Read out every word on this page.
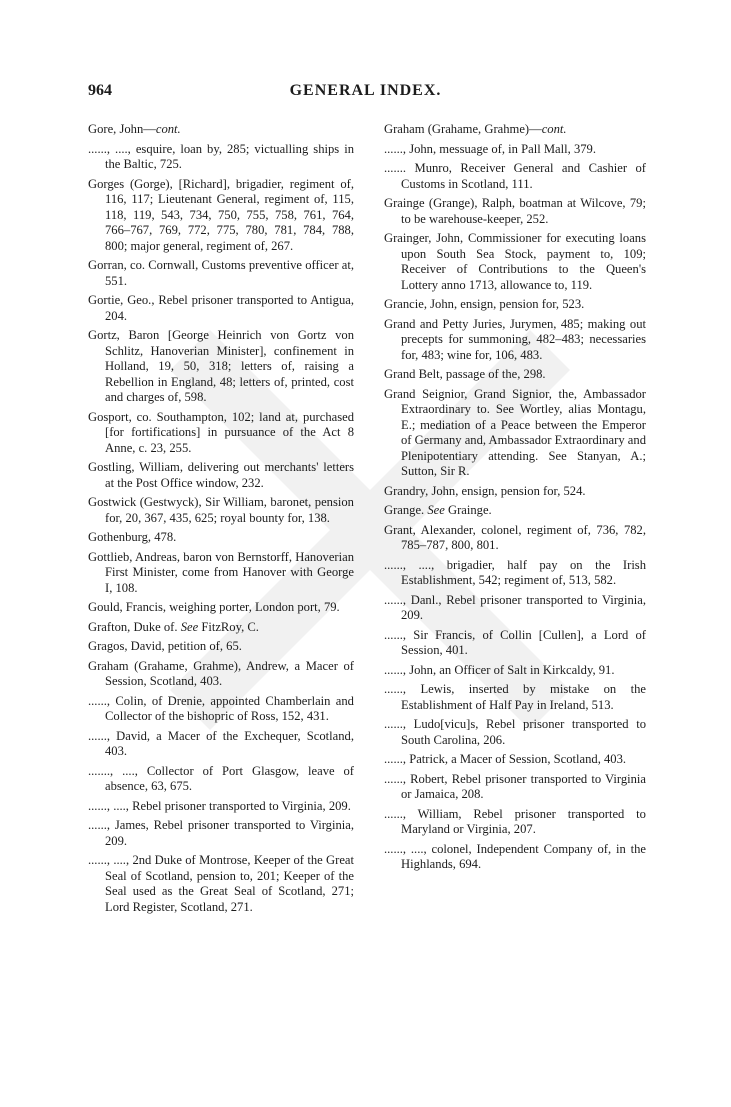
964	GENERAL INDEX.
Gore, John—cont.
......, ...., esquire, loan by, 285; victualling ships in the Baltic, 725.
Gorges (Gorge), [Richard], brigadier, regiment of, 116, 117; Lieutenant General, regiment of, 115, 118, 119, 543, 734, 750, 755, 758, 761, 764, 766–767, 769, 772, 775, 780, 781, 784, 788, 800; major general, regiment of, 267.
Gorran, co. Cornwall, Customs preventive officer at, 551.
Gortie, Geo., Rebel prisoner transported to Antigua, 204.
Gortz, Baron [George Heinrich von Gortz von Schlitz, Hanoverian Minister], confinement in Holland, 19, 50, 318; letters of, raising a Rebellion in England, 48; letters of, printed, cost and charges of, 598.
Gosport, co. Southampton, 102; land at, purchased [for fortifications] in pursuance of the Act 8 Anne, c. 23, 255.
Gostling, William, delivering out merchants' letters at the Post Office window, 232.
Gostwick (Gestwyck), Sir William, baronet, pension for, 20, 367, 435, 625; royal bounty for, 138.
Gothenburg, 478.
Gottlieb, Andreas, baron von Bernstorff, Hanoverian First Minister, come from Hanover with George I, 108.
Gould, Francis, weighing porter, London port, 79.
Grafton, Duke of. See FitzRoy, C.
Gragos, David, petition of, 65.
Graham (Grahame, Grahme), Andrew, a Macer of Session, Scotland, 403.
......, Colin, of Drenie, appointed Chamberlain and Collector of the bishopric of Ross, 152, 431.
......, David, a Macer of the Exchequer, Scotland, 403.
......., ...., Collector of Port Glasgow, leave of absence, 63, 675.
......, ...., Rebel prisoner transported to Virginia, 209.
......, James, Rebel prisoner transported to Virginia, 209.
......, ...., 2nd Duke of Montrose, Keeper of the Great Seal of Scotland, pension to, 201; Keeper of the Seal used as the Great Seal of Scotland, 271; Lord Register, Scotland, 271.
Graham (Grahame, Grahme)—cont.
......, John, messuage of, in Pall Mall, 379.
....... Munro, Receiver General and Cashier of Customs in Scotland, 111.
Grainge (Grange), Ralph, boatman at Wilcove, 79; to be warehouse-keeper, 252.
Grainger, John, Commissioner for executing loans upon South Sea Stock, payment to, 109; Receiver of Contributions to the Queen's Lottery anno 1713, allowance to, 119.
Grancie, John, ensign, pension for, 523.
Grand and Petty Juries, Jurymen, 485; making out precepts for summoning, 482–483; necessaries for, 483; wine for, 106, 483.
Grand Belt, passage of the, 298.
Grand Seignior, Grand Signior, the, Ambassador Extraordinary to. See Wortley, alias Montagu, E.; mediation of a Peace between the Emperor of Germany and, Ambassador Extraordinary and Plenipotentiary attending. See Stanyan, A.; Sutton, Sir R.
Grandry, John, ensign, pension for, 524.
Grange. See Grainge.
Grant, Alexander, colonel, regiment of, 736, 782, 785–787, 800, 801.
......, ...., brigadier, half pay on the Irish Establishment, 542; regiment of, 513, 582.
......, Danl., Rebel prisoner transported to Virginia, 209.
......, Sir Francis, of Collin [Cullen], a Lord of Session, 401.
......, John, an Officer of Salt in Kirkcaldy, 91.
......, Lewis, inserted by mistake on the Establishment of Half Pay in Ireland, 513.
......, Ludo[vicu]s, Rebel prisoner transported to South Carolina, 206.
......, Patrick, a Macer of Session, Scotland, 403.
......, Robert, Rebel prisoner transported to Virginia or Jamaica, 208.
......, William, Rebel prisoner transported to Maryland or Virginia, 207.
......, ...., colonel, Independent Company of, in the Highlands, 694.
